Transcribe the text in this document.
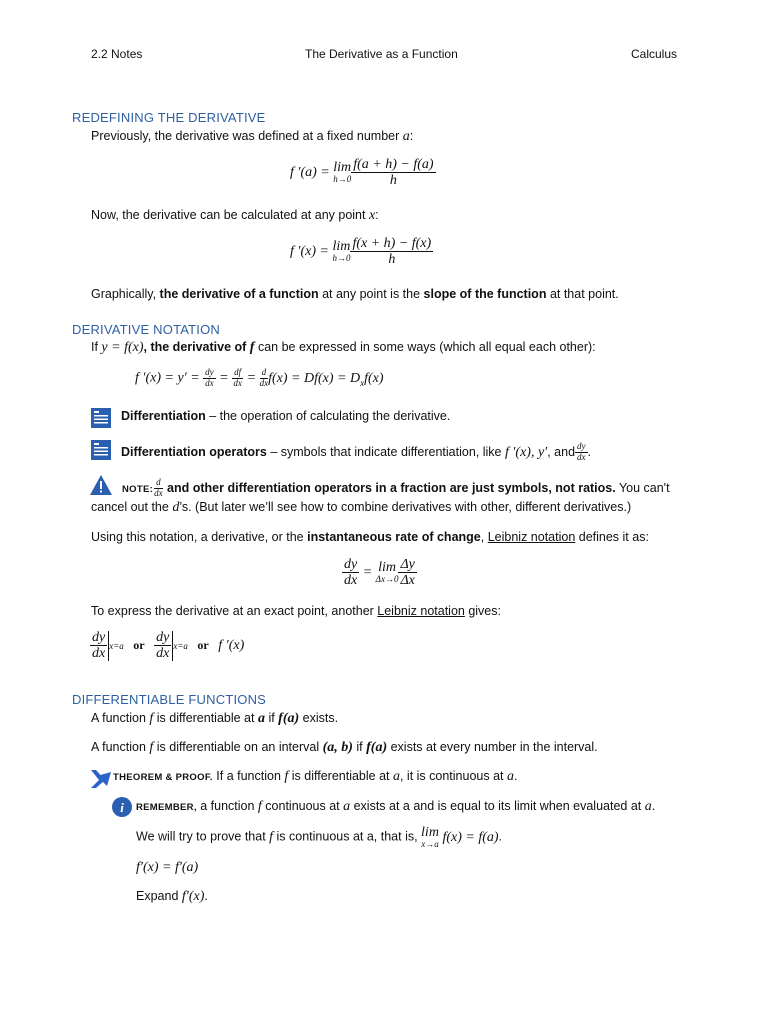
2.2 Notes	The Derivative as a Function	Calculus
REDEFINING THE DERIVATIVE
Previously, the derivative was defined at a fixed number a:
f ′(a) = lim
$h\to 0 \frac{f(a + h) - f(a)}{h}$
Now, the derivative can be calculated at any point x:
f ′(x) = lim
$h\to 0 \frac{f(x + h) - f(x)}{h}$
Graphically, the derivative of a function at any point is the slope of the function at that point.
DERIVATIVE NOTATION
If y = f(x), the derivative of f can be expressed in some ways (which all equal each other):
f $'(x) = y' = \frac{dy}{dx} = \frac{df}{dx} = \frac{d}{dx} f(x) = Df(x) = D_xf(x)$
Differentiation – the operation of calculating the derivative.
Differentiation operators – symbols that indicate differentiation, like f ′(x), y′, and $\frac{dy}{dx}$ .
NOTE: $\frac{d}{dx}$ and other differentiation operators in a fraction are just symbols, not ratios. You can't
cancel out the d’s. (But later we’ll see how to combine derivatives with other, different derivatives.)
Using this notation, a derivative, or the instantaneous rate of change, Leibniz notation defines it as:
$\frac{dy}{dx} = \lim$
$\Delta x\to 0 \frac{\Delta y}{\Delta x}$
To express the derivative at an exact point, another Leibniz notation gives:
$\frac{dy}{dx} x=a$ or $\frac{dy}{dx} x=a$ or f ′(x)
DIFFERENTIABLE FUNCTIONS
A function f is differentiable at a if f(a) exists.
A function f is differentiable on an interval (a, b) if f(a) exists at every number in the interval.
THEOREM & PROOF. If a function f is differentiable at a, it is continuous at a.
i REMEMBER, a function f continuous at a exists at a and is equal to its limit when evaluated at a.
We will try to prove that f is continuous at a, that is, lim
x→a f(x) = f(a).
f′(x) = f′(a)
Expand f′(x).
